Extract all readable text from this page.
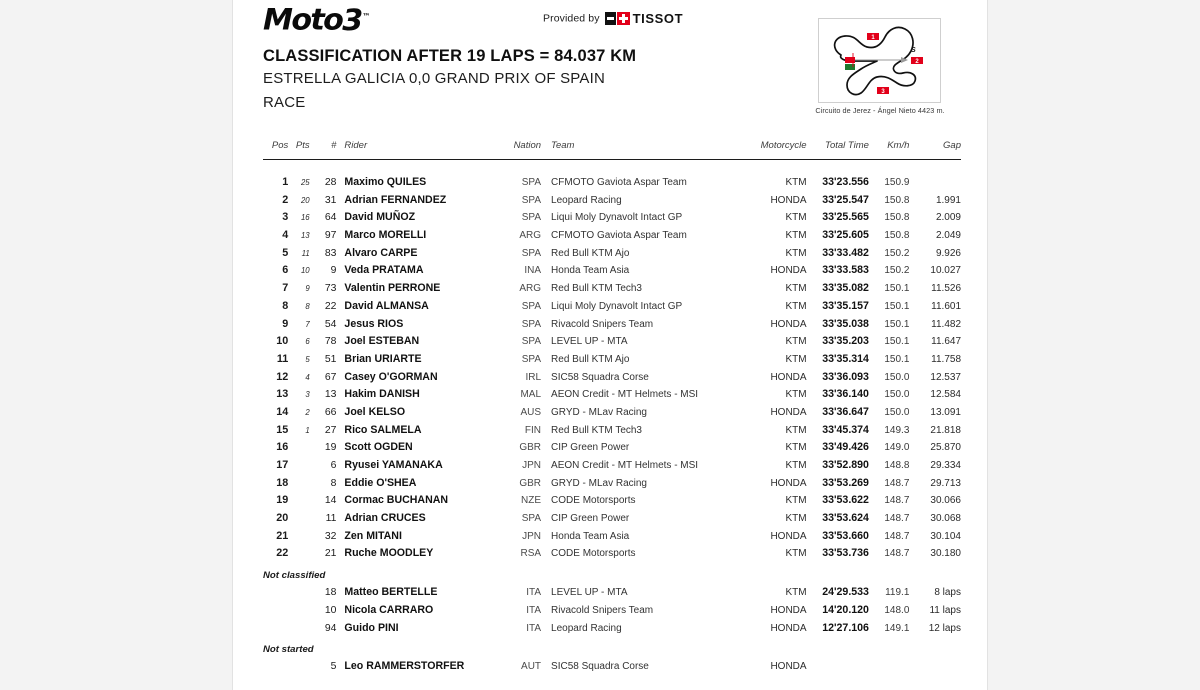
Moto3™	Provided by	TISSOT
CLASSIFICATION AFTER 19 LAPS = 84.037 KM
ESTRELLA GALICIA 0,0 GRAND PRIX OF SPAIN
RACE
1
2
3
S
Circuito de Jerez - Ángel Nieto 4423 m.
Pos	Pts	#	Rider	Nation	Team	Motorcycle	Total Time	Km/h	Gap
1	25	28	Maximo QUILES	SPA	CFMOTO Gaviota Aspar Team	KTM	33'23.556	150.9	
2	20	31	Adrian FERNANDEZ	SPA	Leopard Racing	HONDA	33'25.547	150.8	1.991
3	16	64	David MUÑOZ	SPA	Liqui Moly Dynavolt Intact GP	KTM	33'25.565	150.8	2.009
4	13	97	Marco MORELLI	ARG	CFMOTO Gaviota Aspar Team	KTM	33'25.605	150.8	2.049
5	11	83	Alvaro CARPE	SPA	Red Bull KTM Ajo	KTM	33'33.482	150.2	9.926
6	10	9	Veda PRATAMA	INA	Honda Team Asia	HONDA	33'33.583	150.2	10.027
7	9	73	Valentin PERRONE	ARG	Red Bull KTM Tech3	KTM	33'35.082	150.1	11.526
8	8	22	David ALMANSA	SPA	Liqui Moly Dynavolt Intact GP	KTM	33'35.157	150.1	11.601
9	7	54	Jesus RIOS	SPA	Rivacold Snipers Team	HONDA	33'35.038	150.1	11.482
10	6	78	Joel ESTEBAN	SPA	LEVEL UP - MTA	KTM	33'35.203	150.1	11.647
11	5	51	Brian URIARTE	SPA	Red Bull KTM Ajo	KTM	33'35.314	150.1	11.758
12	4	67	Casey O'GORMAN	IRL	SIC58 Squadra Corse	HONDA	33'36.093	150.0	12.537
13	3	13	Hakim DANISH	MAL	AEON Credit - MT Helmets - MSI	KTM	33'36.140	150.0	12.584
14	2	66	Joel KELSO	AUS	GRYD - MLav Racing	HONDA	33'36.647	150.0	13.091
15	1	27	Rico SALMELA	FIN	Red Bull KTM Tech3	KTM	33'45.374	149.3	21.818
16		19	Scott OGDEN	GBR	CIP Green Power	KTM	33'49.426	149.0	25.870
17		6	Ryusei YAMANAKA	JPN	AEON Credit - MT Helmets - MSI	KTM	33'52.890	148.8	29.334
18		8	Eddie O'SHEA	GBR	GRYD - MLav Racing	HONDA	33'53.269	148.7	29.713
19		14	Cormac BUCHANAN	NZE	CODE Motorsports	KTM	33'53.622	148.7	30.066
20		11	Adrian CRUCES	SPA	CIP Green Power	KTM	33'53.624	148.7	30.068
21		32	Zen MITANI	JPN	Honda Team Asia	HONDA	33'53.660	148.7	30.104
22		21	Ruche MOODLEY	RSA	CODE Motorsports	KTM	33'53.736	148.7	30.180
Not classified									
		18	Matteo BERTELLE	ITA	LEVEL UP - MTA	KTM	24'29.533	119.1	8 laps
		10	Nicola CARRARO	ITA	Rivacold Snipers Team	HONDA	14'20.120	148.0	11 laps
		94	Guido PINI	ITA	Leopard Racing	HONDA	12'27.106	149.1	12 laps
Not started									
		5	Leo RAMMERSTORFER	AUT	SIC58 Squadra Corse	HONDA			
